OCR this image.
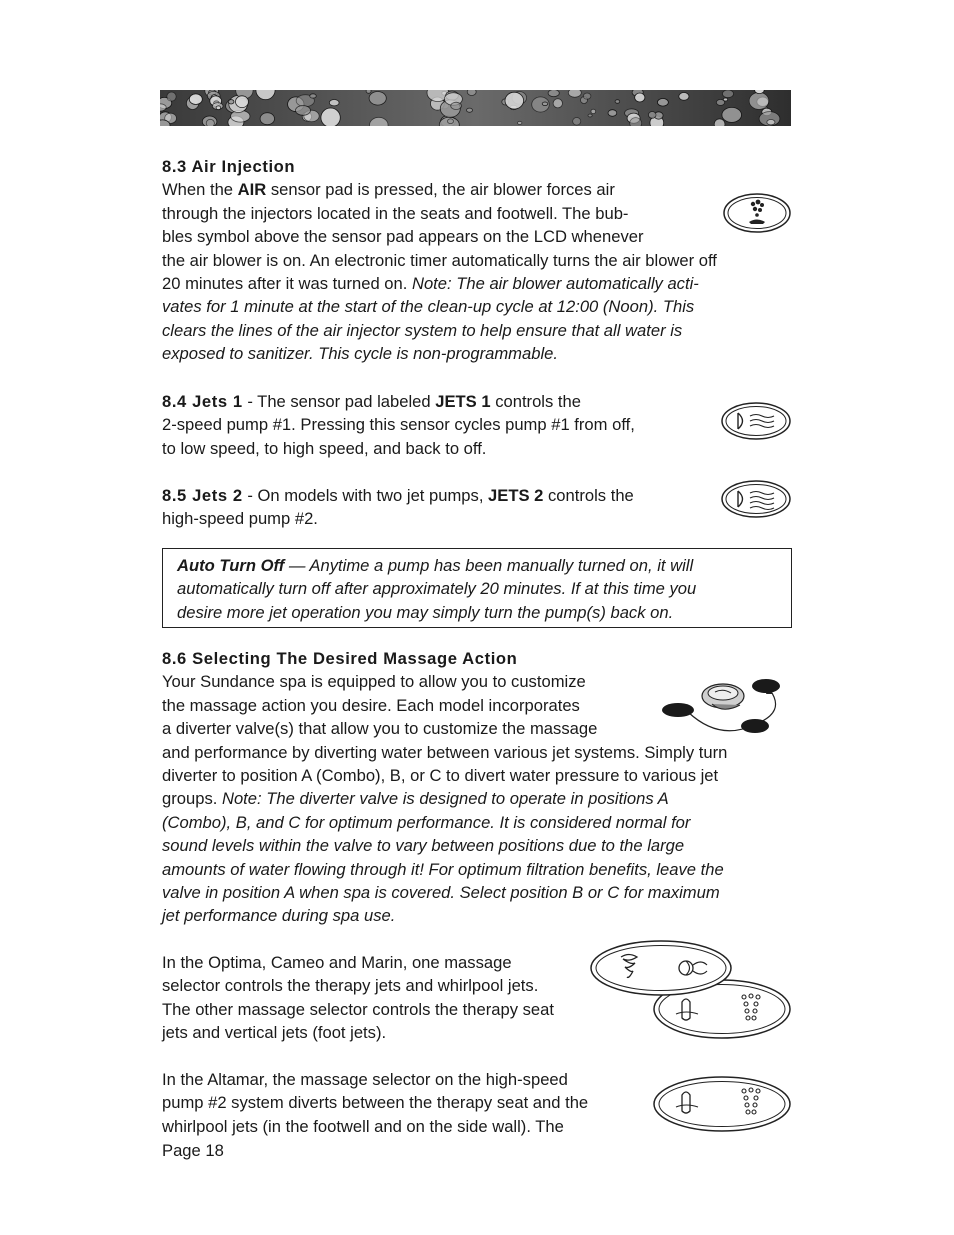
8.3 Air Injection
When the AIR sensor pad is pressed, the air blower forces air
through the injectors located in the seats and footwell. The bub-
bles symbol above the sensor pad appears on the LCD whenever
the air blower is on. An electronic timer automatically turns the air blower off
20 minutes after it was turned on. Note: The air blower automatically acti-
vates for 1 minute at the start of the clean-up cycle at 12:00 (Noon). This
clears the lines of the air injector system to help ensure that all water is
exposed to sanitizer. This cycle is non-programmable.
8.4 Jets 1 - The sensor pad labeled JETS 1 controls the
2-speed pump #1. Pressing this sensor cycles pump #1 from off,
to low speed, to high speed, and back to off.
8.5 Jets 2 - On models with two jet pumps, JETS 2 controls the
high-speed pump #2.
Auto Turn Off — Anytime a pump has been manually turned on, it will
automatically turn off after approximately 20 minutes. If at this time you
desire more jet operation you may simply turn the pump(s) back on.
8.6 Selecting The Desired Massage Action
Your Sundance spa is equipped to allow you to customize
the massage action you desire. Each model incorporates
a diverter valve(s) that allow you to customize the massage
and performance by diverting water between various jet systems. Simply turn
diverter to position A (Combo), B, or C to divert water pressure to various jet
groups. Note: The diverter valve is designed to operate in positions A
(Combo), B, and C for optimum performance. It is considered normal for
sound levels within the valve to vary between positions due to the large
amounts of water flowing through it! For optimum filtration benefits, leave the
valve in position A when spa is covered. Select position B or C for maximum
jet performance during spa use.
In the Optima, Cameo and Marin, one massage
selector controls the therapy jets and whirlpool jets.
The other massage selector controls the therapy seat
jets and vertical jets (foot jets).
In the Altamar, the massage selector on the high-speed
pump #2 system diverts between the therapy seat and the
whirlpool jets (in the footwell and on the side wall). The
Page 18
